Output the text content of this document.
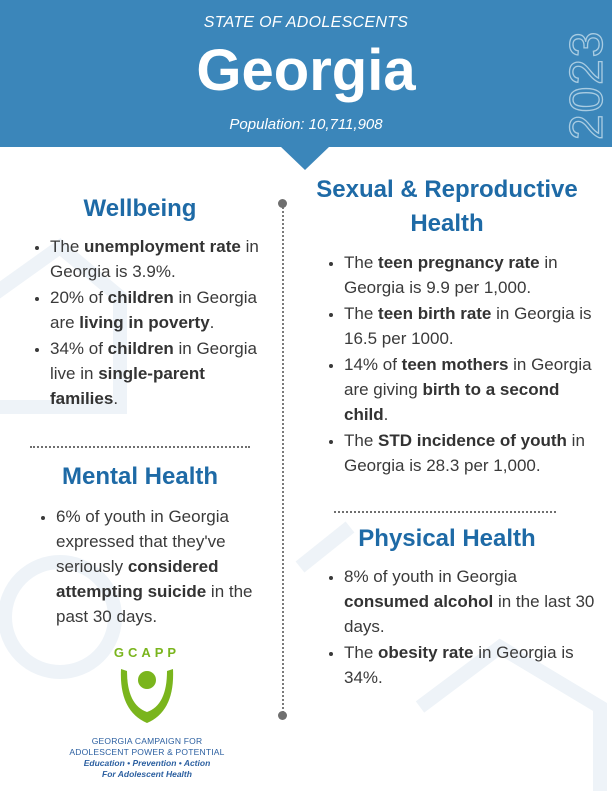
STATE OF ADOLESCENTS
Georgia
Population: 10,711,908	2023
Wellbeing
• The unemployment rate in Georgia is 3.9%.
• 20% of children in Georgia are living in poverty.
• 34% of children in Georgia live in single-parent families.
Mental Health
• 6% of youth in Georgia expressed that they've seriously considered attempting suicide in the past 30 days.
Sexual & Reproductive Health
• The teen pregnancy rate in Georgia is 9.9 per 1,000.
• The teen birth rate in Georgia is 16.5 per 1000.
• 14% of teen mothers in Georgia are giving birth to a second child.
• The STD incidence of youth in Georgia is 28.3 per 1,000.
Physical Health
• 8% of youth in Georgia consumed alcohol in the last 30 days.
• The obesity rate in Georgia is 34%.
GCAPP
GEORGIA CAMPAIGN FOR
ADOLESCENT POWER & POTENTIAL
Education • Prevention • Action
For Adolescent Health
